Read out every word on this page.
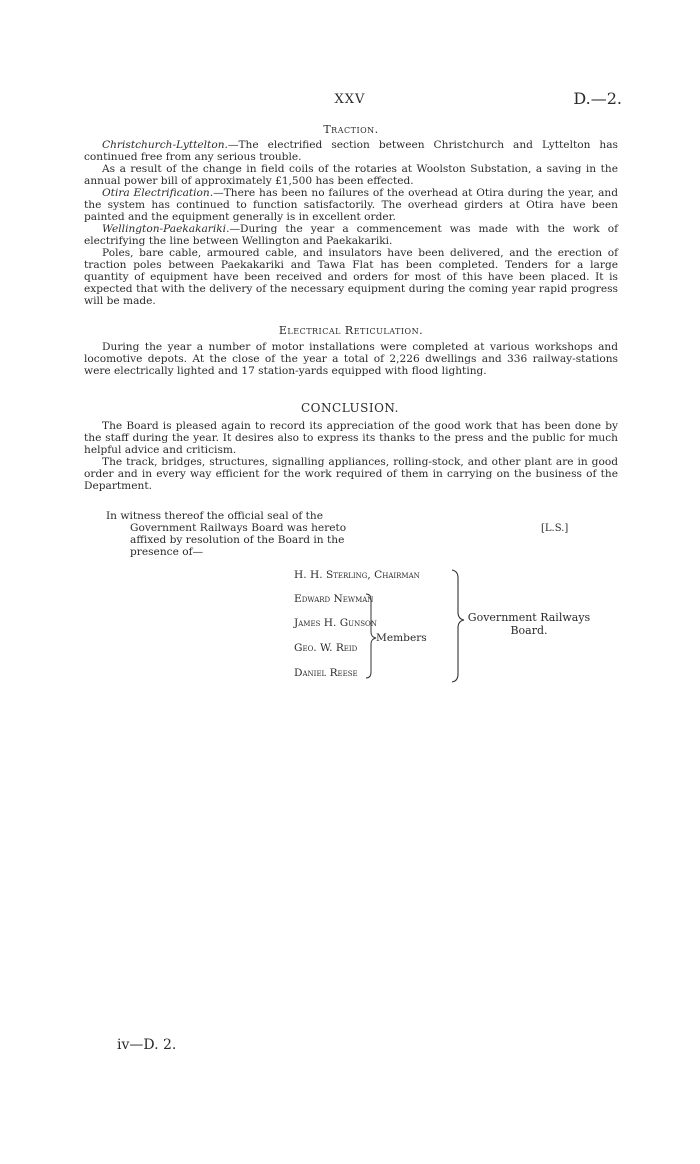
XXV	D.—2.

Traction.

Christchurch-Lyttelton.—The electrified section between Christchurch and Lyttelton has continued free from any serious trouble.

As a result of the change in field coils of the rotaries at Woolston Substation, a saving in the annual power bill of approximately £1,500 has been effected.

Otira Electrification.—There has been no failures of the overhead at Otira during the year, and the system has continued to function satisfactorily. The overhead girders at Otira have been painted and the equipment generally is in excellent order.

Wellington-Paekakariki.—During the year a commencement was made with the work of electrifying the line between Wellington and Paekakariki.

Poles, bare cable, armoured cable, and insulators have been delivered, and the erection of traction poles between Paekakariki and Tawa Flat has been completed. Tenders for a large quantity of equipment have been received and orders for most of this have been placed. It is expected that with the delivery of the necessary equipment during the coming year rapid progress will be made.

Electrical Reticulation.

During the year a number of motor installations were completed at various workshops and locomotive depots. At the close of the year a total of 2,226 dwellings and 336 railway-stations were electrically lighted and 17 station-yards equipped with flood lighting.

CONCLUSION.

The Board is pleased again to record its appreciation of the good work that has been done by the staff during the year. It desires also to express its thanks to the press and the public for much helpful advice and criticism.

The track, bridges, structures, signalling appliances, rolling-stock, and other plant are in good order and in every way efficient for the work required of them in carrying on the business of the Department.

In witness thereof the official seal of the
Government Railways Board was hereto
affixed by resolution of the Board in the
presence of—
[L.S.]
H. H. Sterling, Chairman
Edward Newman
James H. Gunson
Geo. W. Reid
Daniel Reese
Members
Government Railways
Board.
iv—D. 2.
